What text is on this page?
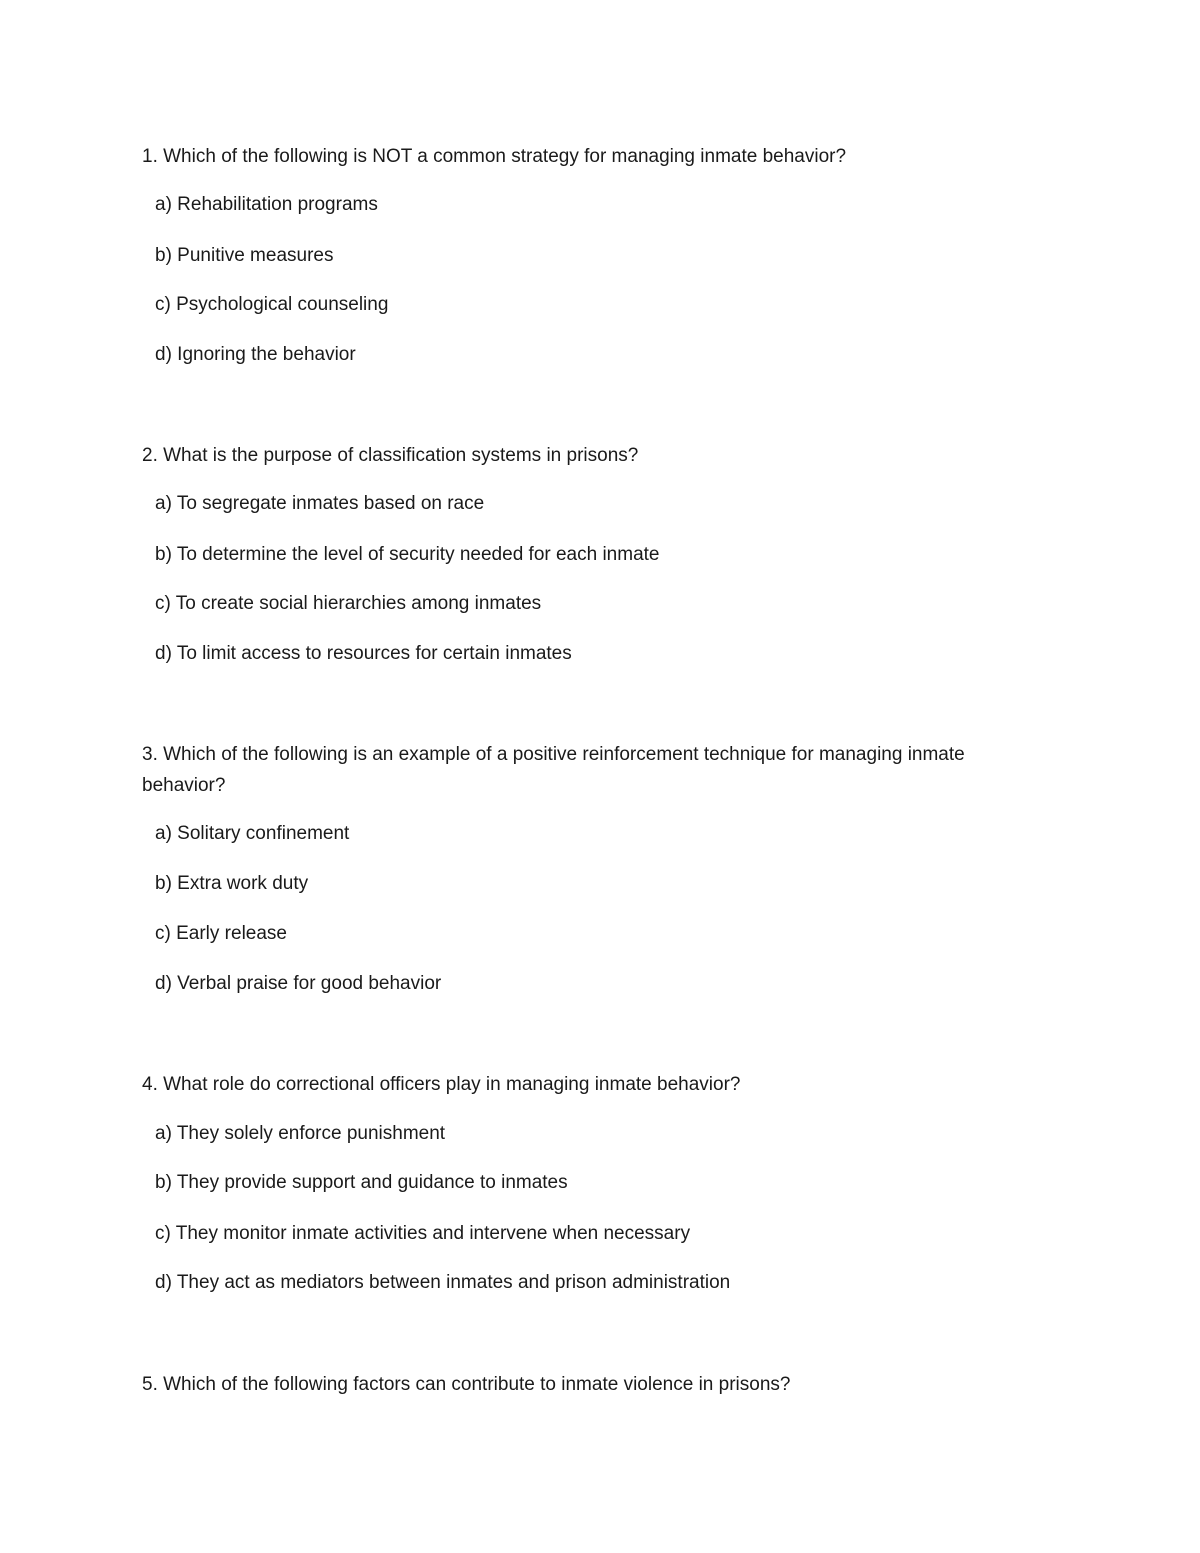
1. Which of the following is NOT a common strategy for managing inmate behavior?

a) Rehabilitation programs

b) Punitive measures

c) Psychological counseling

d) Ignoring the behavior

2. What is the purpose of classification systems in prisons?

a) To segregate inmates based on race

b) To determine the level of security needed for each inmate

c) To create social hierarchies among inmates

d) To limit access to resources for certain inmates

3. Which of the following is an example of a positive reinforcement technique for managing inmate behavior?

a) Solitary confinement

b) Extra work duty

c) Early release

d) Verbal praise for good behavior

4. What role do correctional officers play in managing inmate behavior?

a) They solely enforce punishment

b) They provide support and guidance to inmates

c) They monitor inmate activities and intervene when necessary

d) They act as mediators between inmates and prison administration

5. Which of the following factors can contribute to inmate violence in prisons?
